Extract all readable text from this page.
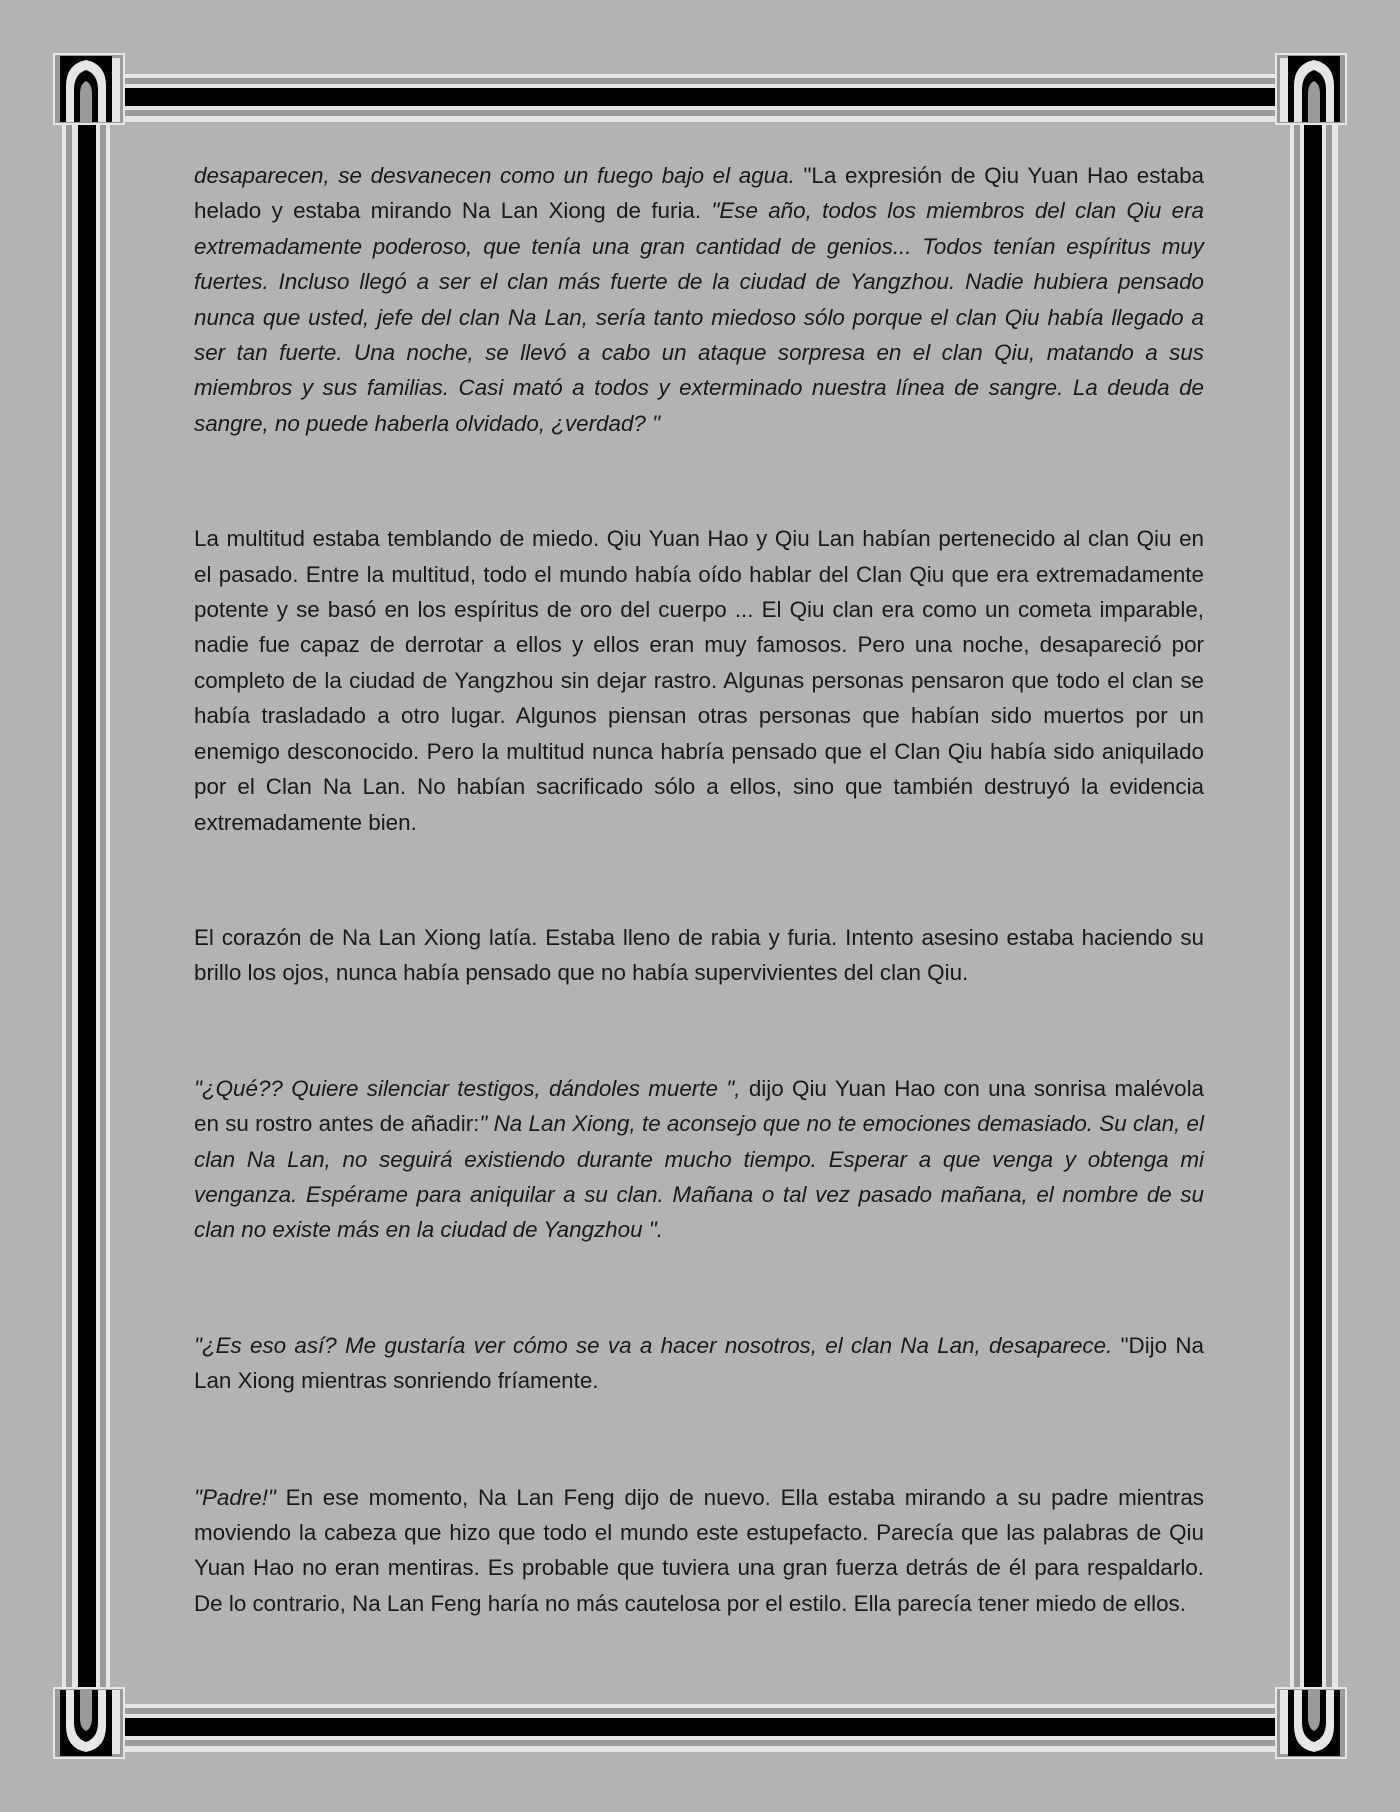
desaparecen, se desvanecen como un fuego bajo el agua. "La expresión de Qiu Yuan Hao estaba helado y estaba mirando Na Lan Xiong de furia. "Ese año, todos los miembros del clan Qiu era extremadamente poderoso, que tenía una gran cantidad de genios... Todos tenían espíritus muy fuertes. Incluso llegó a ser el clan más fuerte de la ciudad de Yangzhou. Nadie hubiera pensado nunca que usted, jefe del clan Na Lan, sería tanto miedoso sólo porque el clan Qiu había llegado a ser tan fuerte. Una noche, se llevó a cabo un ataque sorpresa en el clan Qiu, matando a sus miembros y sus familias. Casi mató a todos y exterminado nuestra línea de sangre. La deuda de sangre, no puede haberla olvidado, ¿verdad? "

La multitud estaba temblando de miedo. Qiu Yuan Hao y Qiu Lan habían pertenecido al clan Qiu en el pasado. Entre la multitud, todo el mundo había oído hablar del Clan Qiu que era extremadamente potente y se basó en los espíritus de oro del cuerpo ... El Qiu clan era como un cometa imparable, nadie fue capaz de derrotar a ellos y ellos eran muy famosos. Pero una noche, desapareció por completo de la ciudad de Yangzhou sin dejar rastro. Algunas personas pensaron que todo el clan se había trasladado a otro lugar. Algunos piensan otras personas que habían sido muertos por un enemigo desconocido. Pero la multitud nunca habría pensado que el Clan Qiu había sido aniquilado por el Clan Na Lan. No habían sacrificado sólo a ellos, sino que también destruyó la evidencia extremadamente bien.

El corazón de Na Lan Xiong latía. Estaba lleno de rabia y furia. Intento asesino estaba haciendo su brillo los ojos, nunca había pensado que no había supervivientes del clan Qiu.

"¿Qué?? Quiere silenciar testigos, dándoles muerte ", dijo Qiu Yuan Hao con una sonrisa malévola en su rostro antes de añadir:" Na Lan Xiong, te aconsejo que no te emociones demasiado. Su clan, el clan Na Lan, no seguirá existiendo durante mucho tiempo. Esperar a que venga y obtenga mi venganza. Espérame para aniquilar a su clan. Mañana o tal vez pasado mañana, el nombre de su clan no existe más en la ciudad de Yangzhou ".

"¿Es eso así? Me gustaría ver cómo se va a hacer nosotros, el clan Na Lan, desaparece. "Dijo Na Lan Xiong mientras sonriendo fríamente.

"Padre!" En ese momento, Na Lan Feng dijo de nuevo. Ella estaba mirando a su padre mientras moviendo la cabeza que hizo que todo el mundo este estupefacto. Parecía que las palabras de Qiu Yuan Hao no eran mentiras. Es probable que tuviera una gran fuerza detrás de él para respaldarlo. De lo contrario, Na Lan Feng haría no más cautelosa por el estilo. Ella parecía tener miedo de ellos.
